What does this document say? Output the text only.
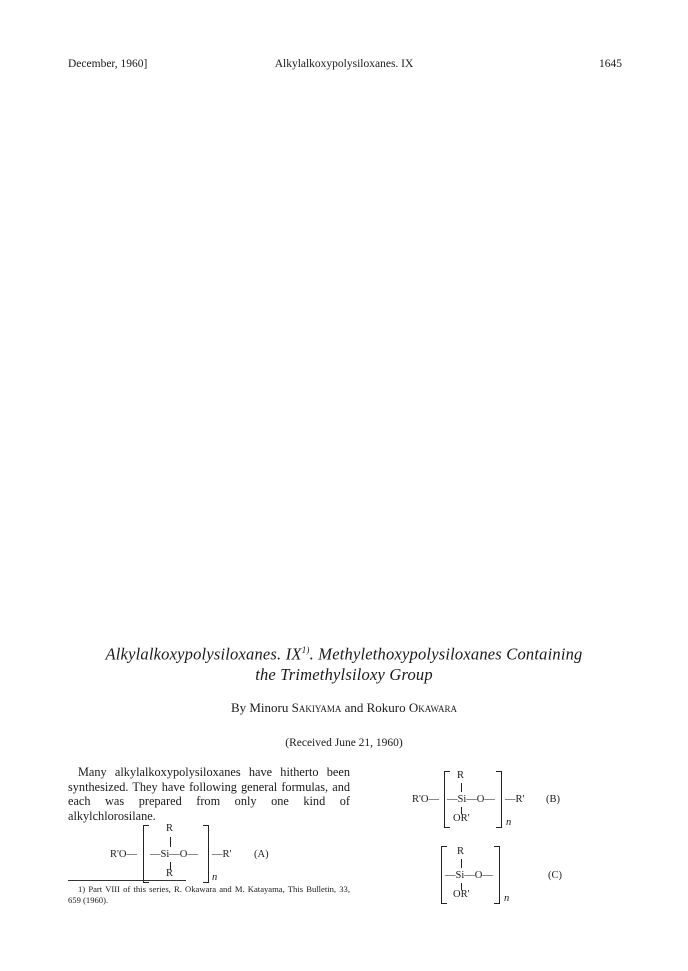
December, 1960]	Alkylalkoxypolysiloxanes. IX	1645
Alkylalkoxypolysiloxanes. IX$^{1)}$. Methylethoxypolysiloxanes Containing
the Trimethylsiloxy Group
By Minoru Sakiyama and Rokuro Okawara
(Received June 21, 1960)
Many alkylalkoxypolysiloxanes have hitherto been synthesized. They have following general formulas, and each was prepared from only one kind of alkylchlorosilane.
R'O—
R
—Si—O—
R	n
—R' (A)
R'O—
R
—Si—O—
OR'	n
—R' (B)
R
—Si—O—
OR'	n
(C)
1) Part VIII of this series, R. Okawara and M. Katayama, This Bulletin, 33, 659 (1960).
